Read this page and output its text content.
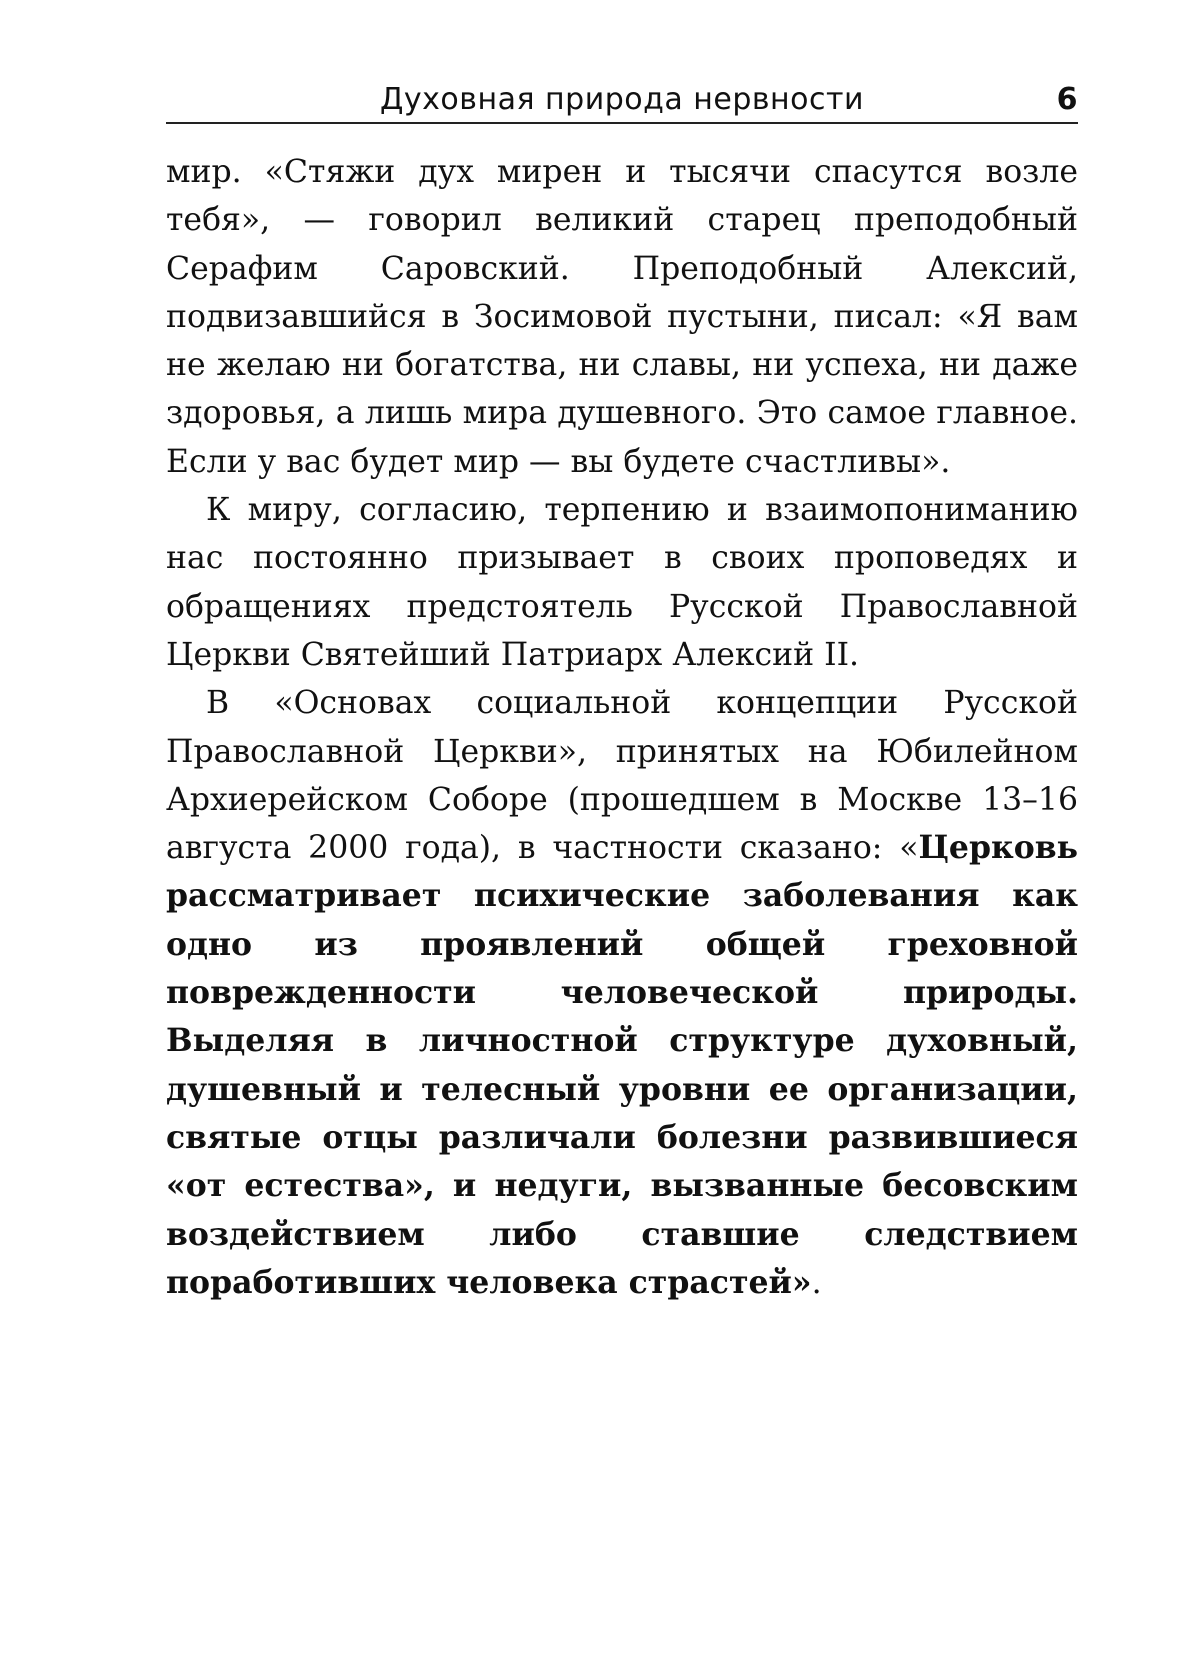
Духовная природа нервности	6

мир. «Стяжи дух мирен и тысячи спасутся возле тебя», — говорил великий старец преподобный Серафим Саровский. Преподобный Алексий, подвизавшийся в Зосимовой пустыни, писал: «Я вам не желаю ни богатства, ни славы, ни успеха, ни даже здоровья, а лишь мира душевного. Это самое главное. Если у вас будет мир — вы будете счастливы».

К миру, согласию, терпению и взаимопониманию нас постоянно призывает в своих проповедях и обращениях предстоятель Русской Православной Церкви Святейший Патриарх Алексий II.

В «Основах социальной концепции Русской Православной Церкви», принятых на Юбилейном Архиерейском Соборе (прошедшем в Москве 13–16 августа 2000 года), в частности сказано: «Церковь рассматривает психические заболевания как одно из проявлений общей греховной поврежденности человеческой природы. Выделяя в личностной структуре духовный, душевный и телесный уровни ее организации, святые отцы различали болезни развившиеся «от естества», и недуги, вызванные бесовским воздействием либо ставшие следствием поработивших человека страстей».
